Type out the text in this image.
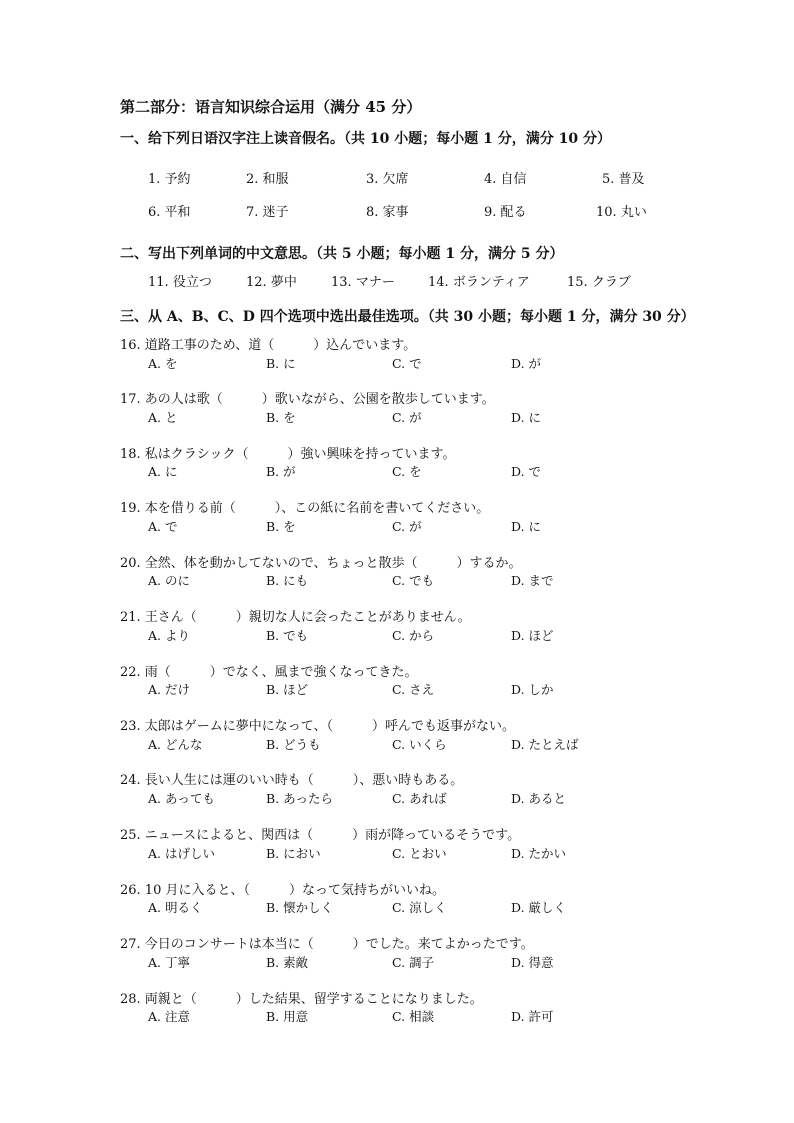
第二部分：语言知识综合运用（满分 45 分）
一、给下列日语汉字注上读音假名。（共 10 小题；每小题 1 分，满分 10 分）
1. 予約	2. 和服	3. 欠席	4. 自信	5. 普及
6. 平和	7. 迷子	8. 家事	9. 配る	10. 丸い
二、写出下列单词的中文意思。（共 5 小题；每小题 1 分，满分 5 分）
11. 役立つ	12. 夢中	13. マナー	14. ボランティア	15. クラブ
三、从 A、B、C、D 四个选项中选出最佳选项。（共 30 小题；每小题 1 分，满分 30 分）
16. 道路工事のため、道（　　　）込んでいます。
A. を	B. に	C. で	D. が
17. あの人は歌（　　　）歌いながら、公園を散歩しています。
A. と	B. を	C. が	D. に
18. 私はクラシック（　　　）強い興味を持っています。
A. に	B. が	C. を	D. で
19. 本を借りる前（　　　）、この紙に名前を書いてください。
A. で	B. を	C. が	D. に
20. 全然、体を動かしてないので、ちょっと散歩（　　　）するか。
A. のに	B. にも	C. でも	D. まで
21. 王さん（　　　）親切な人に会ったことがありません。
A. より	B. でも	C. から	D. ほど
22. 雨（　　　）でなく、風まで強くなってきた。
A. だけ	B. ほど	C. さえ	D. しか
23. 太郎はゲームに夢中になって、（　　　）呼んでも返事がない。
A. どんな	B. どうも	C. いくら	D. たとえば
24. 長い人生には運のいい時も（　　　）、悪い時もある。
A. あっても	B. あったら	C. あれば	D. あると
25. ニュースによると、関西は（　　　）雨が降っているそうです。
A. はげしい	B. におい	C. とおい	D. たかい
26. 10 月に入ると、（　　　）なって気持ちがいいね。
A. 明るく	B. 懐かしく	C. 涼しく	D. 厳しく
27. 今日のコンサートは本当に（　　　）でした。来てよかったです。
A. 丁寧	B. 素敵	C. 調子	D. 得意
28. 両親と（　　　）した結果、留学することになりました。
A. 注意	B. 用意	C. 相談	D. 許可
